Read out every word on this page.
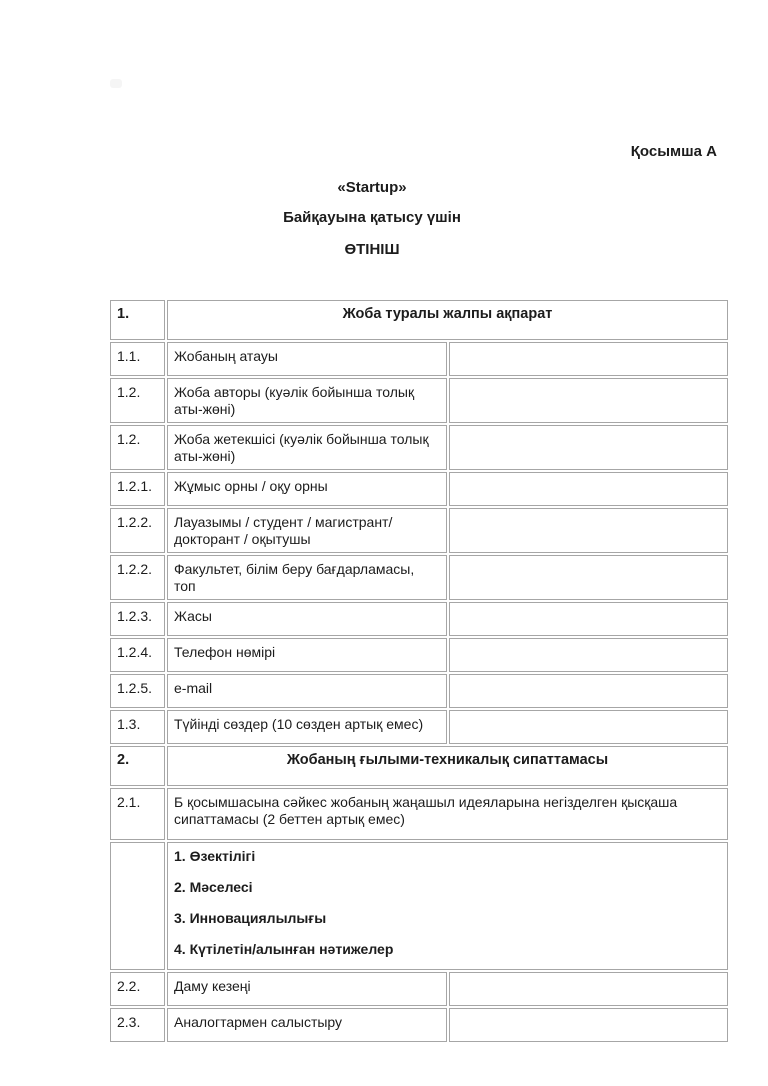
Қосымша А
«Startup»
Байқауына қатысу үшін
ӨТІНІШ
1.	Жоба туралы жалпы ақпарат	
1.1.	Жобаның атауы	
1.2.	Жоба авторы (куәлік бойынша толық аты-жөні)	
1.2.	Жоба жетекшісі (куәлік бойынша толық аты-жөні)	
1.2.1.	Жұмыс орны / оқу орны	
1.2.2.	Лауазымы / студент / магистрант/ докторант / оқытушы	
1.2.2.	Факультет, білім беру бағдарламасы, топ	
1.2.3.	Жасы	
1.2.4.	Телефон нөмірі	
1.2.5.	e-mail	
1.3.	Түйінді сөздер (10 сөзден артық емес)	
2.	Жобаның ғылыми-техникалық сипаттамасы	
2.1.	Б қосымшасына сәйкес жобаның жаңашыл идеяларына негізделген қысқаша сипаттамасы (2 беттен артық емес)	

	1. Өзектілігі

2. Мәселесі

3. Инновациялылығы

4. Күтілетін/алынған нәтижелер	

2.2.	Даму кезеңі	
2.3.	Аналогтармен салыстыру	
